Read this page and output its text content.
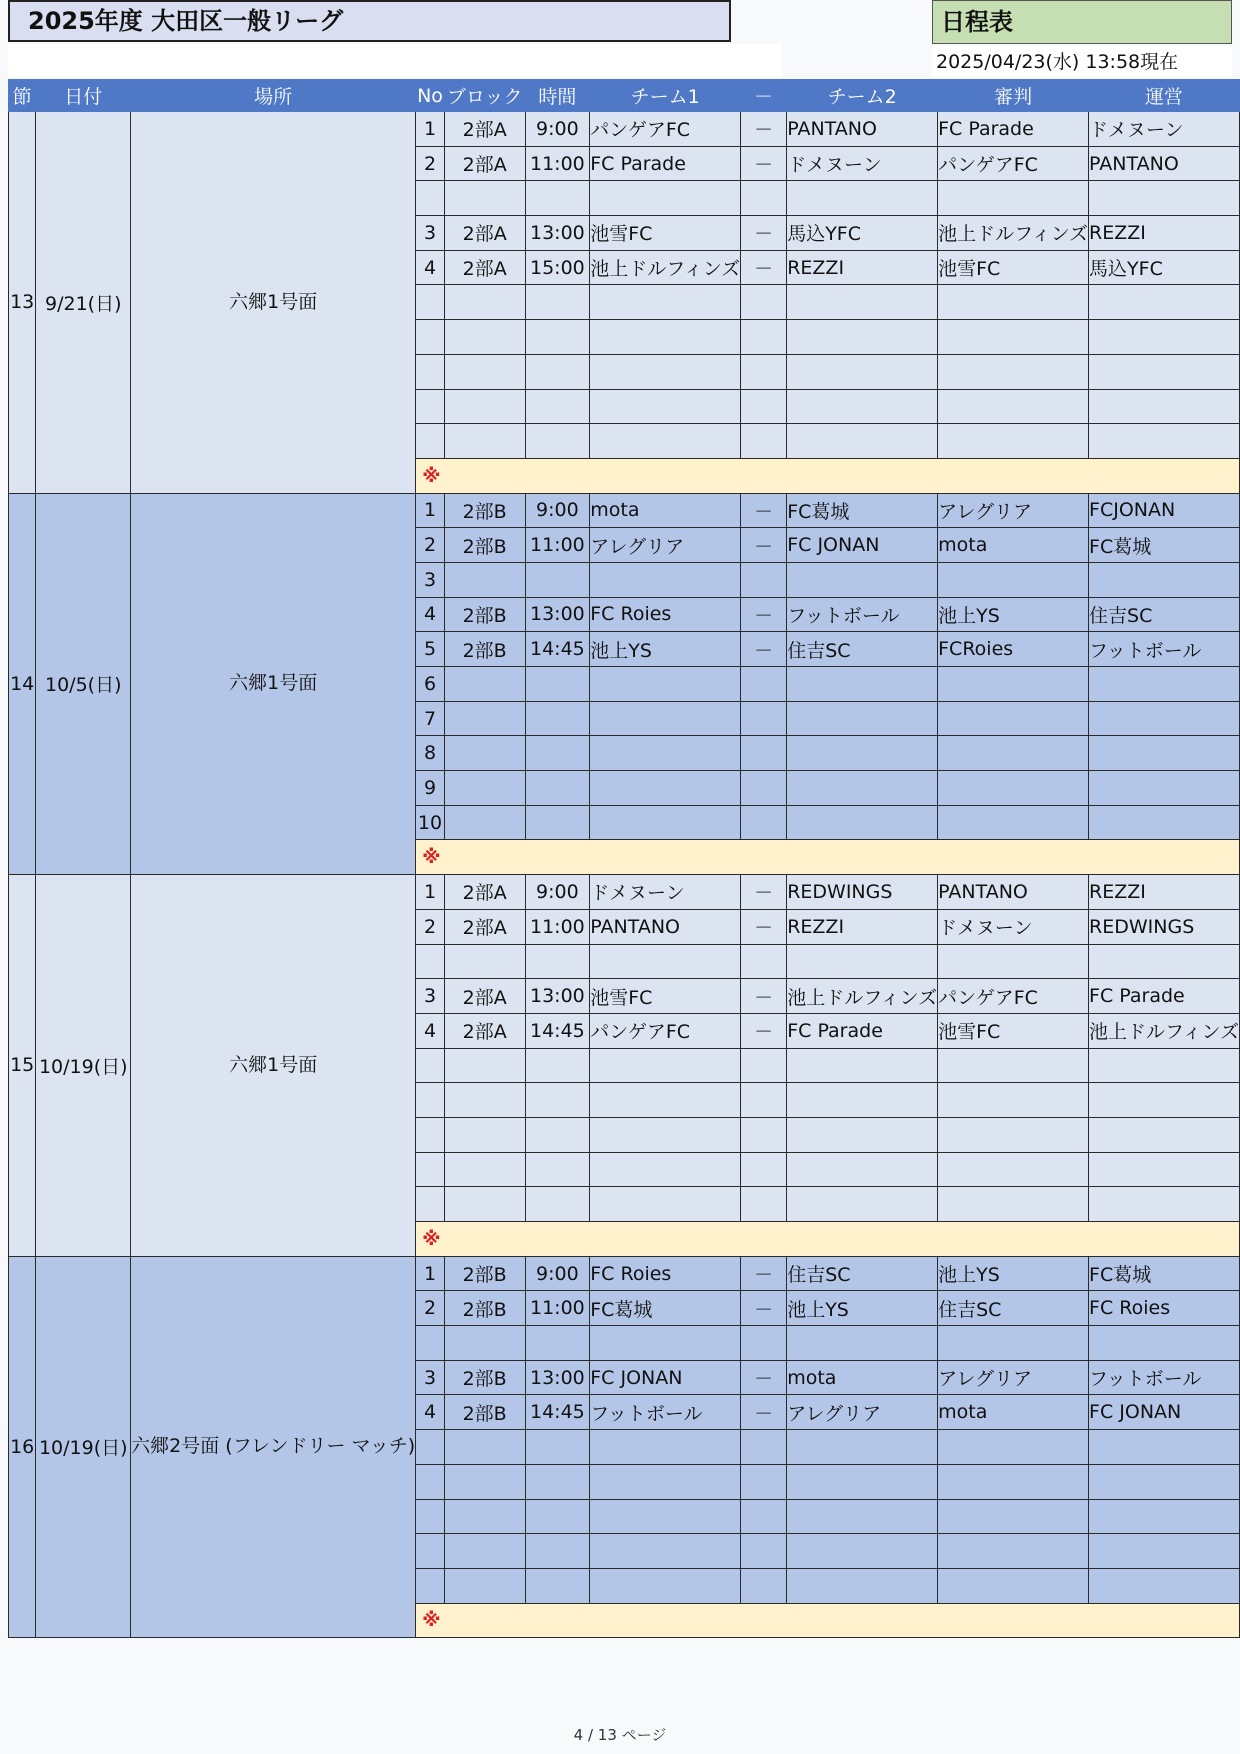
2025年度 大田区一般リーグ	日程表
2025/04/23(水) 13:58現在
節	日付	場所	No	ブロック	時間	チーム1	－	チーム2	審判	運営
13	9/21(日)	六郷1号面	1	2部A	9:00	パンゲアFC	－	PANTANO	FC Parade	ドメヌーン
			2	2部A	11:00	FC Parade	－	ドメヌーン	パンゲアFC	PANTANO

			3	2部A	13:00	池雪FC	－	馬込YFC	池上ドルフィンズ	REZZI
			4	2部A	15:00	池上ドルフィンズ	－	REZZI	池雪FC	馬込YFC

			※							
14	10/5(日)	六郷1号面	1	2部B	9:00	mota	－	FC葛城	アレグリア	FCJONAN
			2	2部B	11:00	アレグリア	－	FC JONAN	mota	FC葛城
			3							
			4	2部B	13:00	FC Roies	－	フットボール	池上YS	住吉SC
			5	2部B	14:45	池上YS	－	住吉SC	FCRoies	フットボール
			6							
			7							
			8							
			9							
			10							
			※							
15	10/19(日)	六郷1号面	1	2部A	9:00	ドメヌーン	－	REDWINGS	PANTANO	REZZI
			2	2部A	11:00	PANTANO	－	REZZI	ドメヌーン	REDWINGS

			3	2部A	13:00	池雪FC	－	池上ドルフィンズ	パンゲアFC	FC Parade
			4	2部A	14:45	パンゲアFC	－	FC Parade	池雪FC	池上ドルフィンズ

			※							
16	10/19(日)	六郷2号面 (フレンドリー マッチ)	1	2部B	9:00	FC Roies	－	住吉SC	池上YS	FC葛城
			2	2部B	11:00	FC葛城	－	池上YS	住吉SC	FC Roies

			3	2部B	13:00	FC JONAN	－	mota	アレグリア	フットボール
			4	2部B	14:45	フットボール	－	アレグリア	mota	FC JONAN

			※							
4 / 13 ページ
